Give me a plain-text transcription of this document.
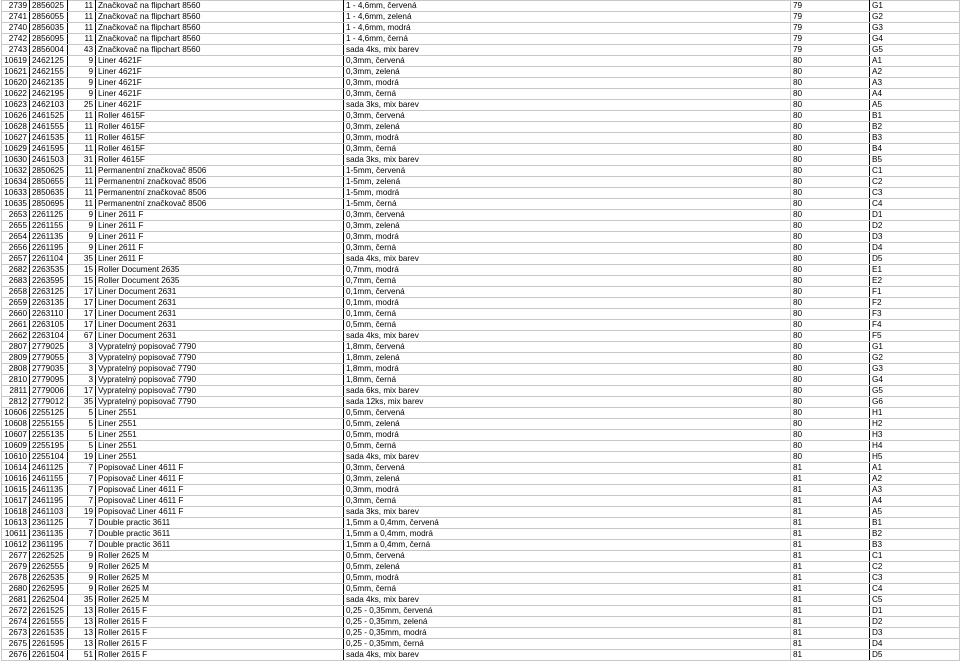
2739	2856025	11	Značkovač na flipchart 8560	1 - 4,6mm, červená	79	G1
2741	2856055	11	Značkovač na flipchart 8560	1 - 4,6mm, zelená	79	G2
2740	2856035	11	Značkovač na flipchart 8560	1 - 4,6mm, modrá	79	G3
2742	2856095	11	Značkovač na flipchart 8560	1 - 4,6mm, černá	79	G4
2743	2856004	43	Značkovač na flipchart 8560	sada 4ks, mix barev	79	G5
10619	2462125	9	Liner 4621F	0,3mm, červená	80	A1
10621	2462155	9	Liner 4621F	0,3mm, zelená	80	A2
10620	2462135	9	Liner 4621F	0,3mm, modrá	80	A3
10622	2462195	9	Liner 4621F	0,3mm, černá	80	A4
10623	2462103	25	Liner 4621F	sada 3ks, mix barev	80	A5
10626	2461525	11	Roller 4615F	0,3mm, červená	80	B1
10628	2461555	11	Roller 4615F	0,3mm, zelená	80	B2
10627	2461535	11	Roller 4615F	0,3mm, modrá	80	B3
10629	2461595	11	Roller 4615F	0,3mm, černá	80	B4
10630	2461503	31	Roller 4615F	sada 3ks, mix barev	80	B5
10632	2850625	11	Permanentní značkovač 8506	1-5mm, červená	80	C1
10634	2850655	11	Permanentní značkovač 8506	1-5mm, zelená	80	C2
10633	2850635	11	Permanentní značkovač 8506	1-5mm, modrá	80	C3
10635	2850695	11	Permanentní značkovač 8506	1-5mm, černá	80	C4
2653	2261125	9	Liner 2611 F	0,3mm, červená	80	D1
2655	2261155	9	Liner 2611 F	0,3mm, zelená	80	D2
2654	2261135	9	Liner 2611 F	0,3mm, modrá	80	D3
2656	2261195	9	Liner 2611 F	0,3mm, černá	80	D4
2657	2261104	35	Liner 2611 F	sada 4ks, mix barev	80	D5
2682	2263535	15	Roller Document 2635	0,7mm, modrá	80	E1
2683	2263595	15	Roller Document 2635	0,7mm, černá	80	E2
2658	2263125	17	Liner Document 2631	0,1mm, červená	80	F1
2659	2263135	17	Liner Document 2631	0,1mm, modrá	80	F2
2660	2263110	17	Liner Document 2631	0,1mm, černá	80	F3
2661	2263105	17	Liner Document 2631	0,5mm, černá	80	F4
2662	2263104	67	Liner Document 2631	sada 4ks, mix barev	80	F5
2807	2779025	3	Vypratelný popisovač 7790	1,8mm, červená	80	G1
2809	2779055	3	Vypratelný popisovač 7790	1,8mm, zelená	80	G2
2808	2779035	3	Vypratelný popisovač 7790	1,8mm, modrá	80	G3
2810	2779095	3	Vypratelný popisovač 7790	1,8mm, černá	80	G4
2811	2779006	17	Vypratelný popisovač 7790	sada 6ks, mix barev	80	G5
2812	2779012	35	Vypratelný popisovač 7790	sada 12ks, mix barev	80	G6
10606	2255125	5	Liner 2551	0,5mm, červená	80	H1
10608	2255155	5	Liner 2551	0,5mm, zelená	80	H2
10607	2255135	5	Liner 2551	0,5mm, modrá	80	H3
10609	2255195	5	Liner 2551	0,5mm, černá	80	H4
10610	2255104	19	Liner 2551	sada 4ks, mix barev	80	H5
10614	2461125	7	Popisovač Liner 4611 F	0,3mm, červená	81	A1
10616	2461155	7	Popisovač Liner 4611 F	0,3mm, zelená	81	A2
10615	2461135	7	Popisovač Liner 4611 F	0,3mm, modrá	81	A3
10617	2461195	7	Popisovač Liner 4611 F	0,3mm, černá	81	A4
10618	2461103	19	Popisovač Liner 4611 F	sada 3ks, mix barev	81	A5
10613	2361125	7	Double practic 3611	1,5mm a 0,4mm, červená	81	B1
10611	2361135	7	Double practic 3611	1,5mm a 0,4mm, modrá	81	B2
10612	2361195	7	Double practic 3611	1,5mm a 0,4mm, černá	81	B3
2677	2262525	9	Roller 2625 M	0,5mm, červená	81	C1
2679	2262555	9	Roller 2625 M	0,5mm, zelená	81	C2
2678	2262535	9	Roller 2625 M	0,5mm, modrá	81	C3
2680	2262595	9	Roller 2625 M	0,5mm, černá	81	C4
2681	2262504	35	Roller 2625 M	sada 4ks, mix barev	81	C5
2672	2261525	13	Roller 2615 F	0,25 - 0,35mm, červená	81	D1
2674	2261555	13	Roller 2615 F	0,25 - 0,35mm, zelená	81	D2
2673	2261535	13	Roller 2615 F	0,25 - 0,35mm, modrá	81	D3
2675	2261595	13	Roller 2615 F	0,25 - 0,35mm, černá	81	D4
2676	2261504	51	Roller 2615 F	sada 4ks, mix barev	81	D5
